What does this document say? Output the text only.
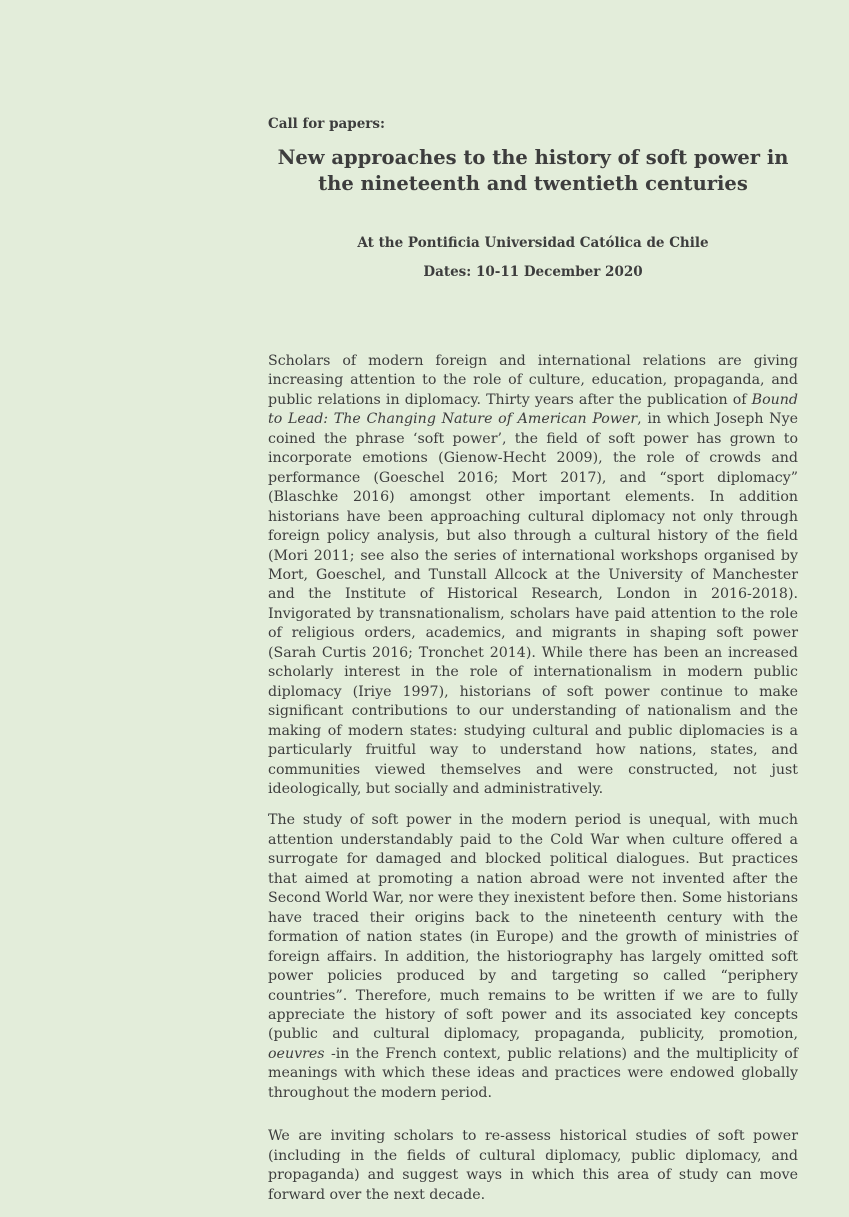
Call for papers:
New approaches to the history of soft power in the nineteenth and twentieth centuries
At the Pontificia Universidad Católica de Chile
Dates: 10-11 December 2020

Scholars of modern foreign and international relations are giving increasing attention to the role of culture, education, propaganda, and public relations in diplomacy. Thirty years after the publication of Bound to Lead: The Changing Nature of American Power, in which Joseph Nye coined the phrase ‘soft power’, the field of soft power has grown to incorporate emotions (Gienow-Hecht 2009), the role of crowds and performance (Goeschel 2016; Mort 2017), and “sport diplomacy” (Blaschke 2016) amongst other important elements. In addition historians have been approaching cultural diplomacy not only through foreign policy analysis, but also through a cultural history of the field (Mori 2011; see also the series of international workshops organised by Mort, Goeschel, and Tunstall Allcock at the University of Manchester and the Institute of Historical Research, London in 2016-2018). Invigorated by transnationalism, scholars have paid attention to the role of religious orders, academics, and migrants in shaping soft power (Sarah Curtis 2016; Tronchet 2014). While there has been an increased scholarly interest in the role of internationalism in modern public diplomacy (Iriye 1997), historians of soft power continue to make significant contributions to our understanding of nationalism and the making of modern states: studying cultural and public diplomacies is a particularly fruitful way to understand how nations, states, and communities viewed themselves and were constructed, not just ideologically, but socially and administratively.

The study of soft power in the modern period is unequal, with much attention understandably paid to the Cold War when culture offered a surrogate for damaged and blocked political dialogues. But practices that aimed at promoting a nation abroad were not invented after the Second World War, nor were they inexistent before then. Some historians have traced their origins back to the nineteenth century with the formation of nation states (in Europe) and the growth of ministries of foreign affairs. In addition, the historiography has largely omitted soft power policies produced by and targeting so called “periphery countries”. Therefore, much remains to be written if we are to fully appreciate the history of soft power and its associated key concepts (public and cultural diplomacy, propaganda, publicity, promotion, oeuvres -in the French context, public relations) and the multiplicity of meanings with which these ideas and practices were endowed globally throughout the modern period.

We are inviting scholars to re-assess historical studies of soft power (including in the fields of cultural diplomacy, public diplomacy, and propaganda) and suggest ways in which this area of study can move forward over the next decade.
